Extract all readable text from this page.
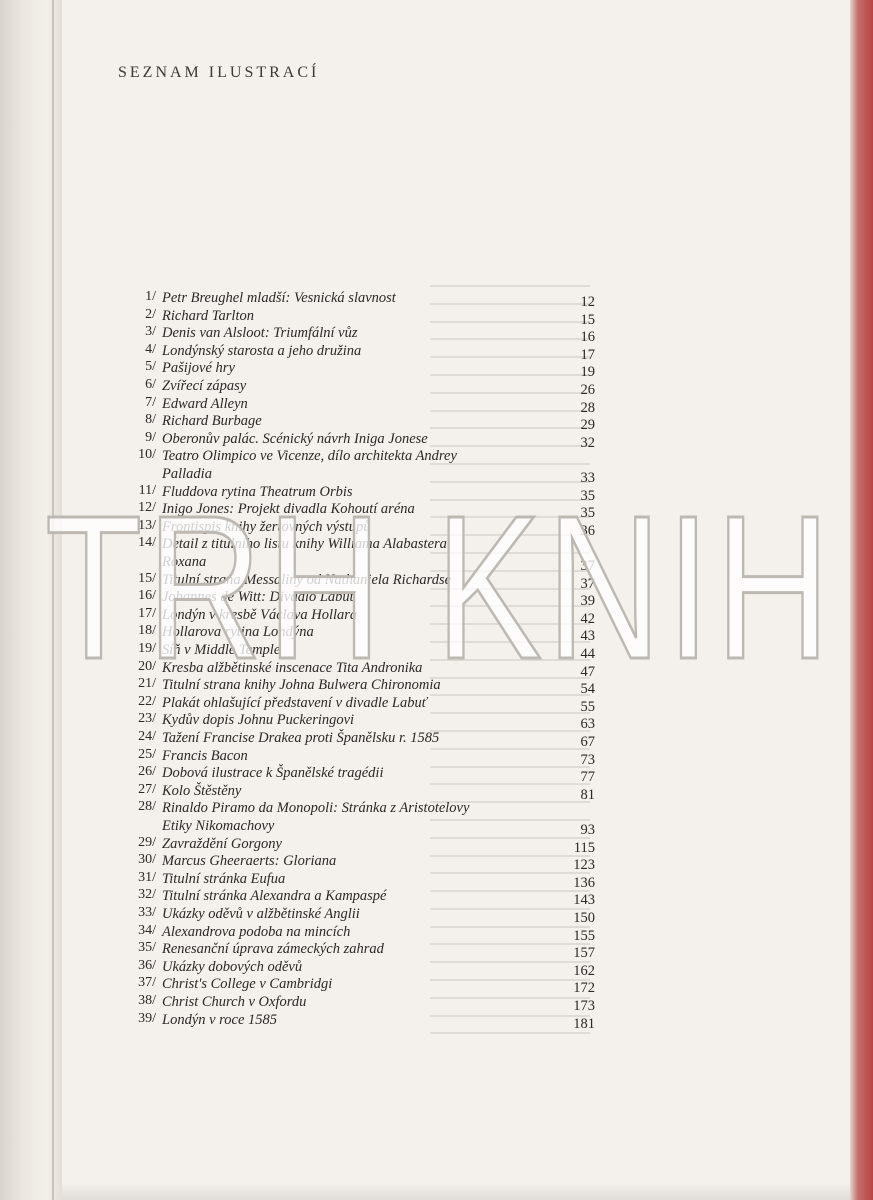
SEZNAM ILUSTRACÍ
1/ Petr Breughel mladší: Vesnická slavnost	12
2/ Richard Tarlton	15
3/ Denis van Alsloot: Triumfální vůz	16
4/ Londýnský starosta a jeho družina	17
5/ Pašijové hry	19
6/ Zvířecí zápasy	26
7/ Edward Alleyn	28
8/ Richard Burbage	29
9/ Oberonův palác. Scénický návrh Iniga Jonese	32
10/ Teatro Olimpico ve Vicenze, dílo architekta Andrey
Palladia	33
11/ Fluddova rytina Theatrum Orbis	35
12/ Inigo Jones: Projekt divadla Kohoutí aréna	35
13/ Frontispis knihy žertovných výstupů	36
14/ Detail z titulního listu knihy Williama Alabastera
Roxana	37
15/ Titulní strana Messaliny od Nathaniela Richardse	37
16/ Johannes de Witt: Divadlo Labuť	39
17/ Londýn v kresbě Václava Hollara	42
18/ Hollarova rytina Londýna	43
19/ Síň v Middle Temple	44
20/ Kresba alžbětinské inscenace Tita Andronika	47
21/ Titulní strana knihy Johna Bulwera Chironomia	54
22/ Plakát ohlašující představení v divadle Labuť	55
23/ Kydův dopis Johnu Puckeringovi	63
24/ Tažení Francise Drakea proti Španělsku r. 1585	67
25/ Francis Bacon	73
26/ Dobová ilustrace k Španělské tragédii	77
27/ Kolo Štěstěny	81
28/ Rinaldo Piramo da Monopoli: Stránka z Aristotelovy
Etiky Nikomachovy	93
29/ Zavraždění Gorgony	115
30/ Marcus Gheeraerts: Gloriana	123
31/ Titulní stránka Eufua	136
32/ Titulní stránka Alexandra a Kampaspé	143
33/ Ukázky oděvů v alžbětinské Anglii	150
34/ Alexandrova podoba na mincích	155
35/ Renesanční úprava zámeckých zahrad	157
36/ Ukázky dobových oděvů	162
37/ Christ's College v Cambridgi	172
38/ Christ Church v Oxfordu	173
39/ Londýn v roce 1585	181
TRH KNIH
